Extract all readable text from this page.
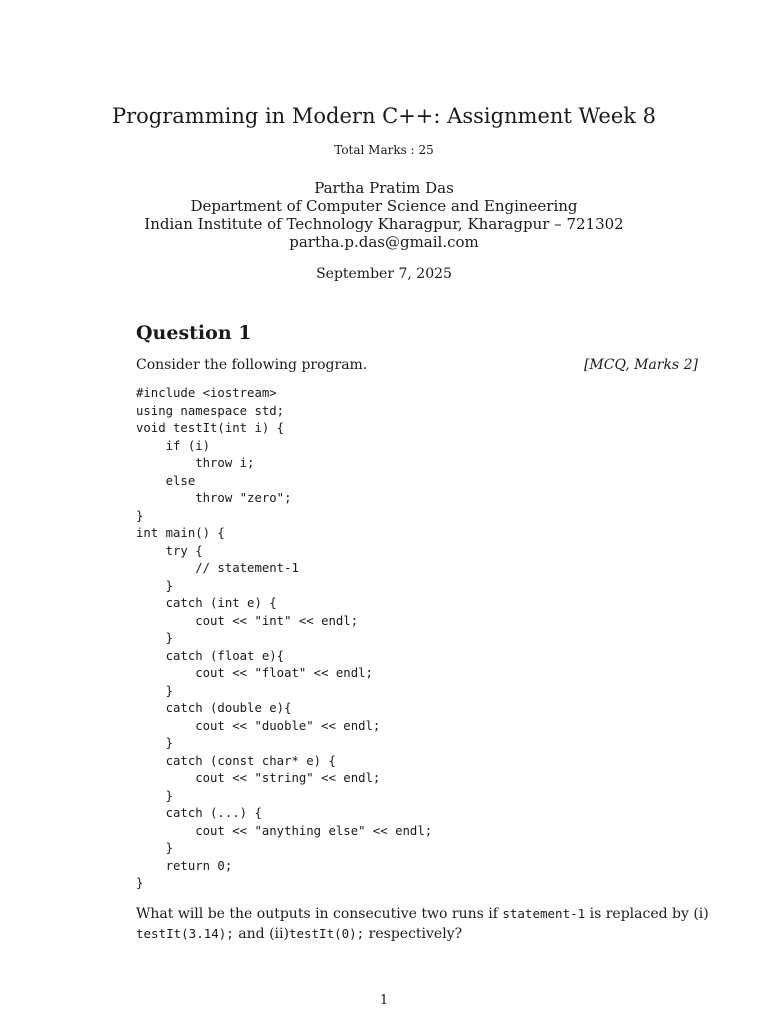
Programming in Modern C++: Assignment Week 8
Total Marks : 25
Partha Pratim Das
Department of Computer Science and Engineering
Indian Institute of Technology Kharagpur, Kharagpur – 721302
partha.p.das@gmail.com
September 7, 2025
Question 1
Consider the following program.	[MCQ, Marks 2]
#include <iostream>
using namespace std;
void testIt(int i) {
if (i)
throw i;
else
throw "zero";
}
int main() {
try {
// statement-1
}
catch (int e) {
cout << "int" << endl;
}
catch (float e){
cout << "float" << endl;
}
catch (double e){
cout << "duoble" << endl;
}
catch (const char* e) {
cout << "string" << endl;
}
catch (...) {
cout << "anything else" << endl;
}
return 0;
}
What will be the outputs in consecutive two runs if statement-1 is replaced by (i) testIt(3.14); and (ii)testIt(0); respectively?
1
